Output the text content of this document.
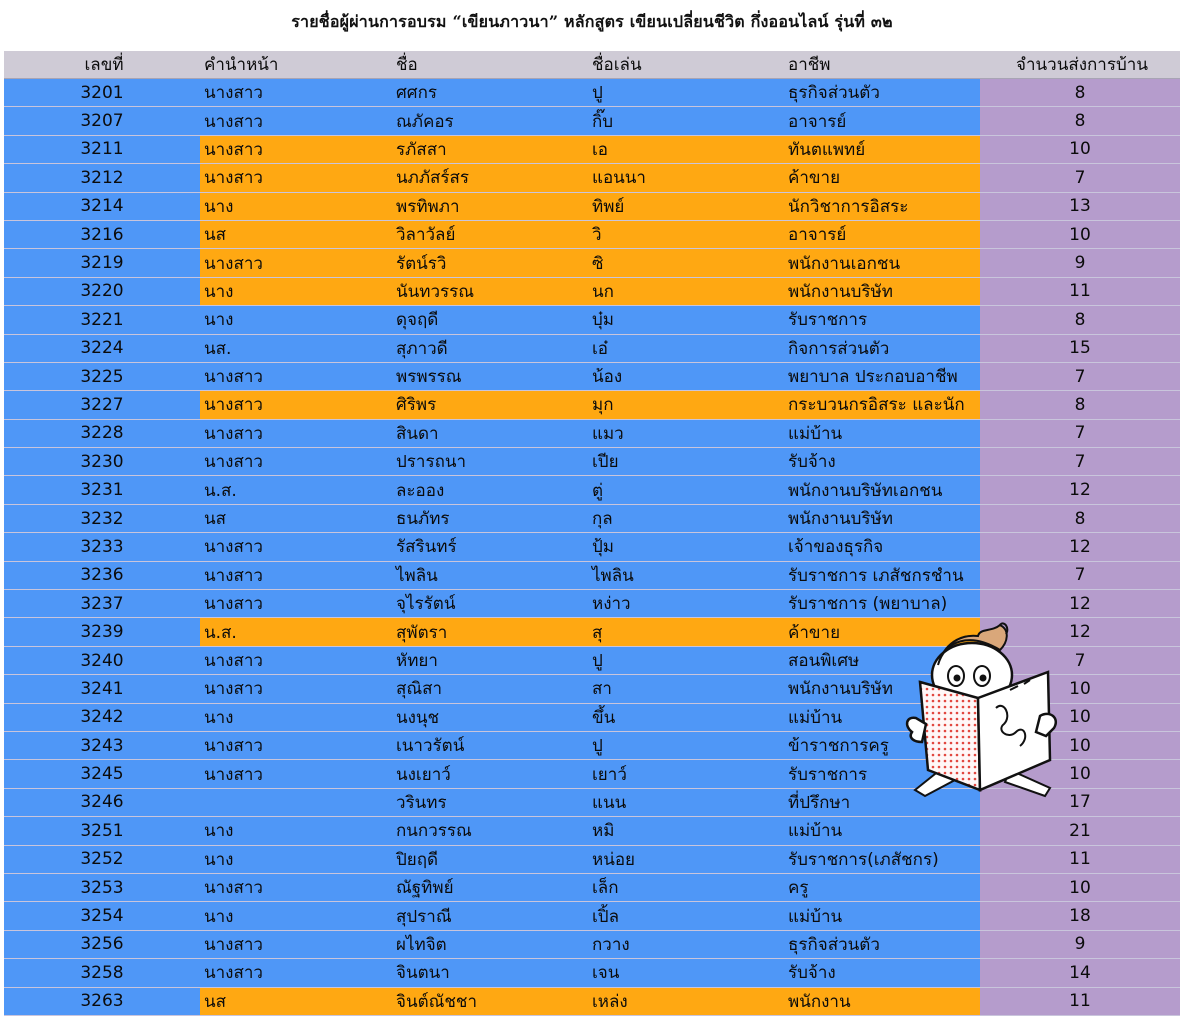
รายชื่อผู้ผ่านการอบรม “เขียนภาวนา” หลักสูตร เขียนเปลี่ยนชีวิต กึ่งออนไลน์ รุ่นที่ ๓๒
เลขที่	คำนำหน้า	ชื่อ	ชื่อเล่น	อาชีพ	จำนวนส่งการบ้าน
3201	นางสาว	ศศกร	ปู	ธุรกิจส่วนตัว	8
3207	นางสาว	ณภัคอร	กิ๊บ	อาจารย์	8
3211	นางสาว	รภัสสา	เอ	ทันตแพทย์	10
3212	นางสาว	นภภัสร์สร	แอนนา	ค้าขาย	7
3214	นาง	พรทิพภา	ทิพย์	นักวิชาการอิสระ	13
3216	นส	วิลาวัลย์	วิ	อาจารย์	10
3219	นางสาว	รัตน์รวิ	ซิ	พนักงานเอกชน	9
3220	นาง	นันทวรรณ	นก	พนักงานบริษัท	11
3221	นาง	ดุจฤดี	บุ๋ม	รับราชการ	8
3224	นส.	สุภาวดี	เอ๋	กิจการส่วนตัว	15
3225	นางสาว	พรพรรณ	น้อง	พยาบาล ประกอบอาชีพ	7
3227	นางสาว	ศิริพร	มุก	กระบวนกรอิสระ และนัก	8
3228	นางสาว	สินดา	แมว	แม่บ้าน	7
3230	นางสาว	ปรารถนา	เปีย	รับจ้าง	7
3231	น.ส.	ละออง	ตู่	พนักงานบริษัทเอกชน	12
3232	นส	ธนภัทร	กุล	พนักงานบริษัท	8
3233	นางสาว	รัสรินทร์	ปุ้ม	เจ้าของธุรกิจ	12
3236	นางสาว	ไพลิน	ไพลิน	รับราชการ เภสัชกรชำน	7
3237	นางสาว	จุไรรัตน์	หง่าว	รับราชการ (พยาบาล)	12
3239	น.ส.	สุพัตรา	สุ	ค้าขาย	12
3240	นางสาว	หัทยา	ปู	สอนพิเศษ	7
3241	นางสาว	สุณิสา	สา	พนักงานบริษัท	10
3242	นาง	นงนุช	ขึ้น	แม่บ้าน	10
3243	นางสาว	เนาวรัตน์	ปู	ข้าราชการครู	10
3245	นางสาว	นงเยาว์	เยาว์	รับราชการ	10
3246		วรินทร	แนน	ที่ปรึกษา	17
3251	นาง	กนกวรรณ	หมิ	แม่บ้าน	21
3252	นาง	ปิยฤดี	หน่อย	รับราชการ(เภสัชกร)	11
3253	นางสาว	ณัฐทิพย์	เล็ก	ครู	10
3254	นาง	สุปราณี	เปิ้ล	แม่บ้าน	18
3256	นางสาว	ผไทจิต	กวาง	ธุรกิจส่วนตัว	9
3258	นางสาว	จินตนา	เจน	รับจ้าง	14
3263	นส	จินต์ณัชชา	เหล่ง	พนักงาน	11
